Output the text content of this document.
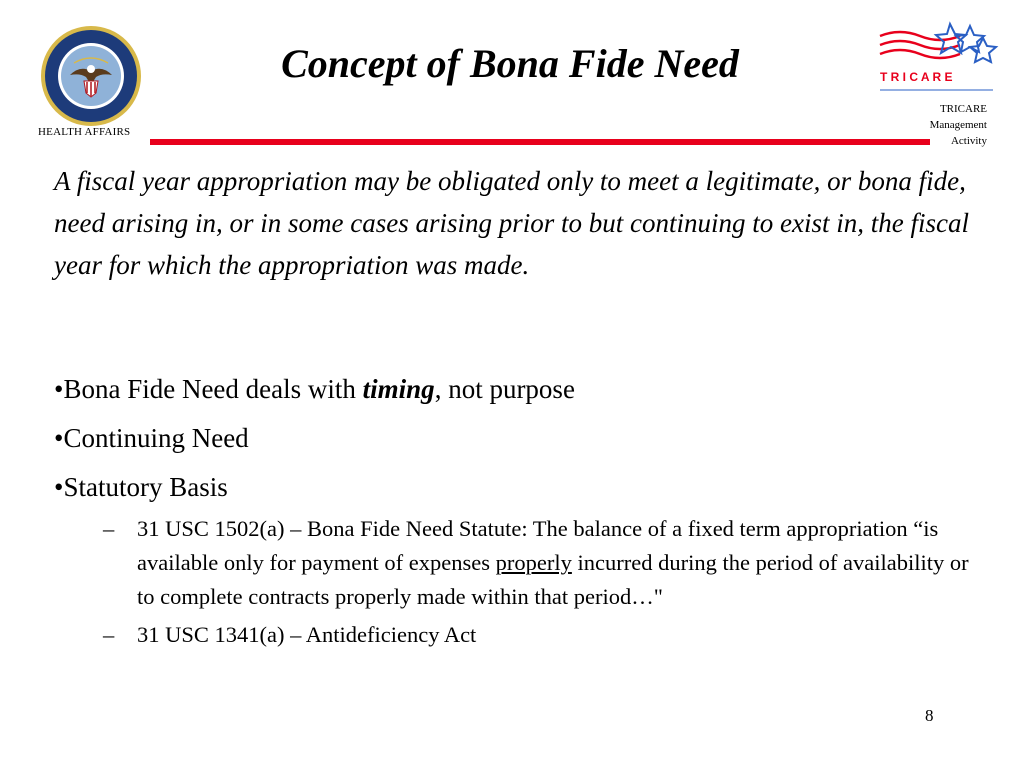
HEALTH AFFAIRS
Concept of Bona Fide Need	T R I C A R E
TRICARE
Management
Activity

A fiscal year appropriation may be obligated only to meet a legitimate, or bona fide, need arising in, or in some cases arising prior to but continuing to exist in, the fiscal year for which the appropriation was made.

•Bona Fide Need deals with timing, not purpose
•Continuing Need
•Statutory Basis
– 31 USC 1502(a) – Bona Fide Need Statute: The balance of a fixed term appropriation “is available only for payment of expenses properly incurred during the period of availability or to complete contracts properly made within that period…"
– 31 USC 1341(a) – Antideficiency Act
8
